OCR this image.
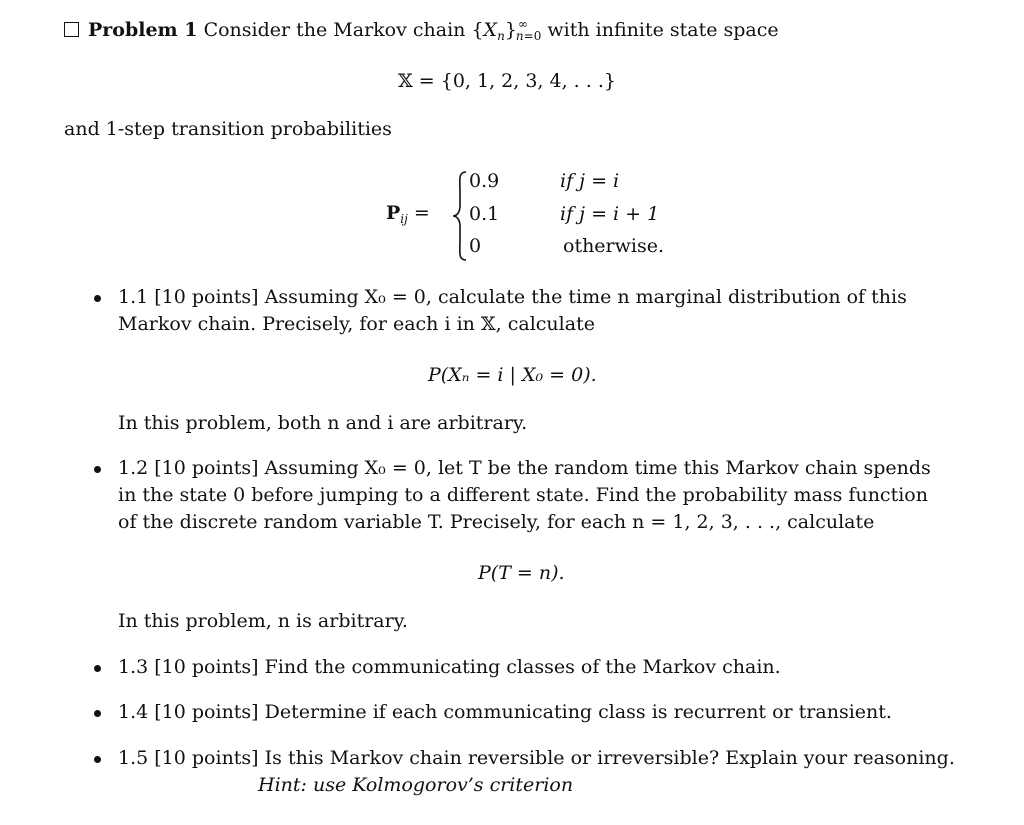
Problem 1 Consider the Markov chain $\{X_n\}^\infty_{n=0}$ with infinite state space
𝕏 = {0, 1, 2, 3, 4, . . .}
and 1-step transition probabilities
$P_{ij}$ =
0.9
0.1
0
if j = i
if j = i + 1
otherwise.
1.1 [10 points] Assuming X₀ = 0, calculate the time n marginal distribution of this
Markov chain. Precisely, for each i in 𝕏, calculate
P(Xₙ = i | X₀ = 0).
In this problem, both n and i are arbitrary.
1.2 [10 points] Assuming X₀ = 0, let T be the random time this Markov chain spends
in the state 0 before jumping to a different state. Find the probability mass function
of the discrete random variable T. Precisely, for each n = 1, 2, 3, . . ., calculate
P(T = n).
In this problem, n is arbitrary.
1.3 [10 points] Find the communicating classes of the Markov chain.
1.4 [10 points] Determine if each communicating class is recurrent or transient.
1.5 [10 points] Is this Markov chain reversible or irreversible? Explain your reasoning.
Hint: use Kolmogorov’s criterion
